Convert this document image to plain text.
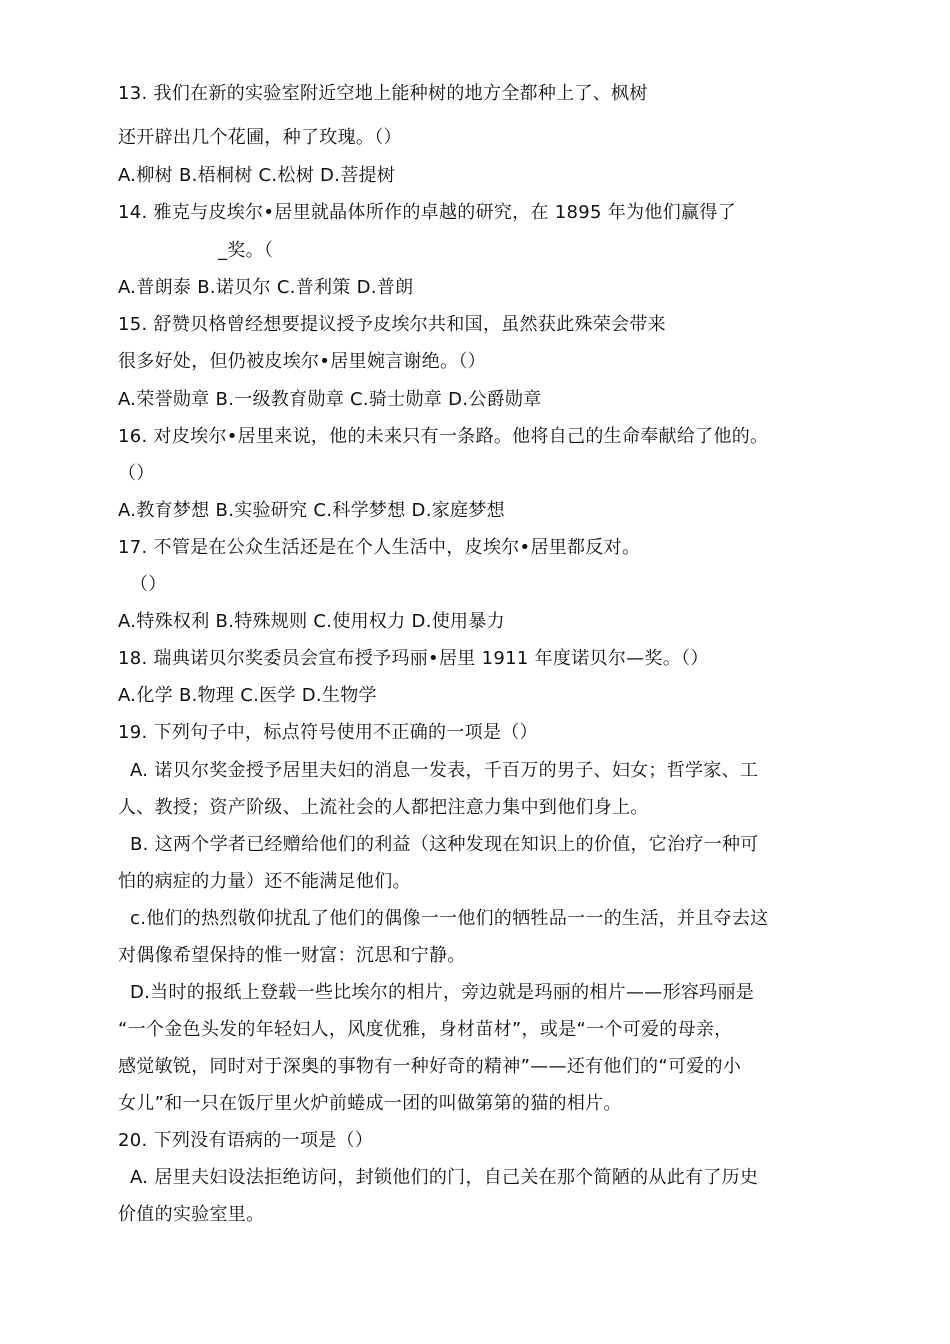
13. 我们在新的实验室附近空地上能种树的地方全都种上了、枫树
还开辟出几个花圃，种了玫瑰。（）
A.柳树 B.梧桐树 C.松树 D.菩提树
14. 雅克与皮埃尔•居里就晶体所作的卓越的研究，在 1895 年为他们赢得了
_奖。（
A.普朗泰 B.诺贝尔 C.普利策 D.普朗
15. 舒赞贝格曾经想要提议授予皮埃尔共和国，虽然获此殊荣会带来
很多好处，但仍被皮埃尔•居里婉言谢绝。（）
A.荣誉勋章 B.一级教育勋章 C.骑士勋章 D.公爵勋章
16. 对皮埃尔•居里来说，他的未来只有一条路。他将自己的生命奉献给了他的。
（）
A.教育梦想 B.实验研究 C.科学梦想 D.家庭梦想
17. 不管是在公众生活还是在个人生活中，皮埃尔•居里都反对。
（）
A.特殊权利 B.特殊规则 C.使用权力 D.使用暴力
18. 瑞典诺贝尔奖委员会宣布授予玛丽•居里 1911 年度诺贝尔—奖。（）
A.化学 B.物理 C.医学 D.生物学
19. 下列句子中，标点符号使用不正确的一项是（）
A. 诺贝尔奖金授予居里夫妇的消息一发表，千百万的男子、妇女；哲学家、工
人、教授；资产阶级、上流社会的人都把注意力集中到他们身上。
B. 这两个学者已经赠给他们的利益（这种发现在知识上的价值，它治疗一种可
怕的病症的力量）还不能满足他们。
c.他们的热烈敬仰扰乱了他们的偶像一一他们的牺牲品一一的生活，并且夺去这
对偶像希望保持的惟一财富：沉思和宁静。
D.当时的报纸上登载一些比埃尔的相片，旁边就是玛丽的相片——形容玛丽是
“一个金色头发的年轻妇人，风度优雅，身材苗材”，或是“一个可爱的母亲，
感觉敏锐，同时对于深奥的事物有一种好奇的精神”——还有他们的“可爱的小
女儿”和一只在饭厅里火炉前蜷成一团的叫做第第的猫的相片。
20. 下列没有语病的一项是（）
A. 居里夫妇设法拒绝访问，封锁他们的门，自己关在那个简陋的从此有了历史
价值的实验室里。
